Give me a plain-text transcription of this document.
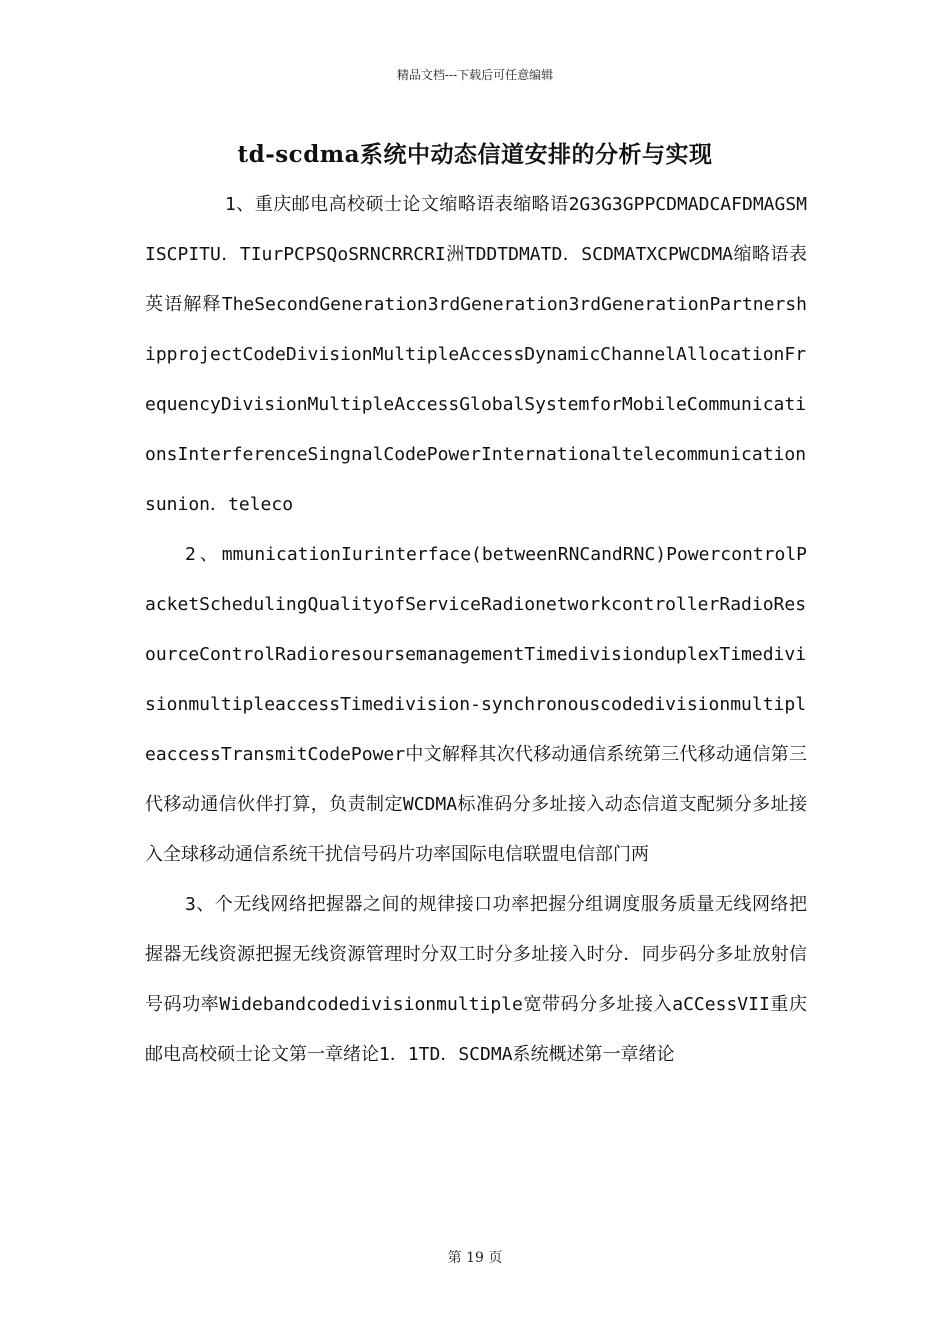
精品文档---下载后可任意编辑
td-scdma系统中动态信道安排的分析与实现

1、重庆邮电高校硕士论文缩略语表缩略语2G3G3GPPCDMADCAFDMAGSMISCPITU．TIurPCPSQoSRNCRRCRI洲TDDTDMATD．SCDMATXCPWCDMA缩略语表英语解释TheSecondGeneration3rdGeneration3rdGenerationPartnershipprojectCodeDivisionMultipleAccessDynamicChannelAllocationFrequencyDivisionMultipleAccessGlobalSystemforMobileCommunicationsInterferenceSingnalCodePowerInternationaltelecommunicationsunion．teleco

2、mmunicationIurinterface(betweenRNCandRNC)PowercontrolPacketSchedulingQualityofServiceRadionetworkcontrollerRadioResourceControlRadioresoursemanagementTimedivisionduplexTimedivisionmultipleaccessTimedivision-synchronouscodedivisionmultipleaccessTransmitCodePower中文解释其次代移动通信系统第三代移动通信第三代移动通信伙伴打算，负责制定WCDMA标准码分多址接入动态信道支配频分多址接入全球移动通信系统干扰信号码片功率国际电信联盟电信部门两

3、个无线网络把握器之间的规律接口功率把握分组调度服务质量无线网络把握器无线资源把握无线资源管理时分双工时分多址接入时分．同步码分多址放射信号码功率Widebandcodedivisionmultiple宽带码分多址接入aCCessVII重庆邮电高校硕士论文第一章绪论1．1TD．SCDMA系统概述第一章绪论

第 19 页
